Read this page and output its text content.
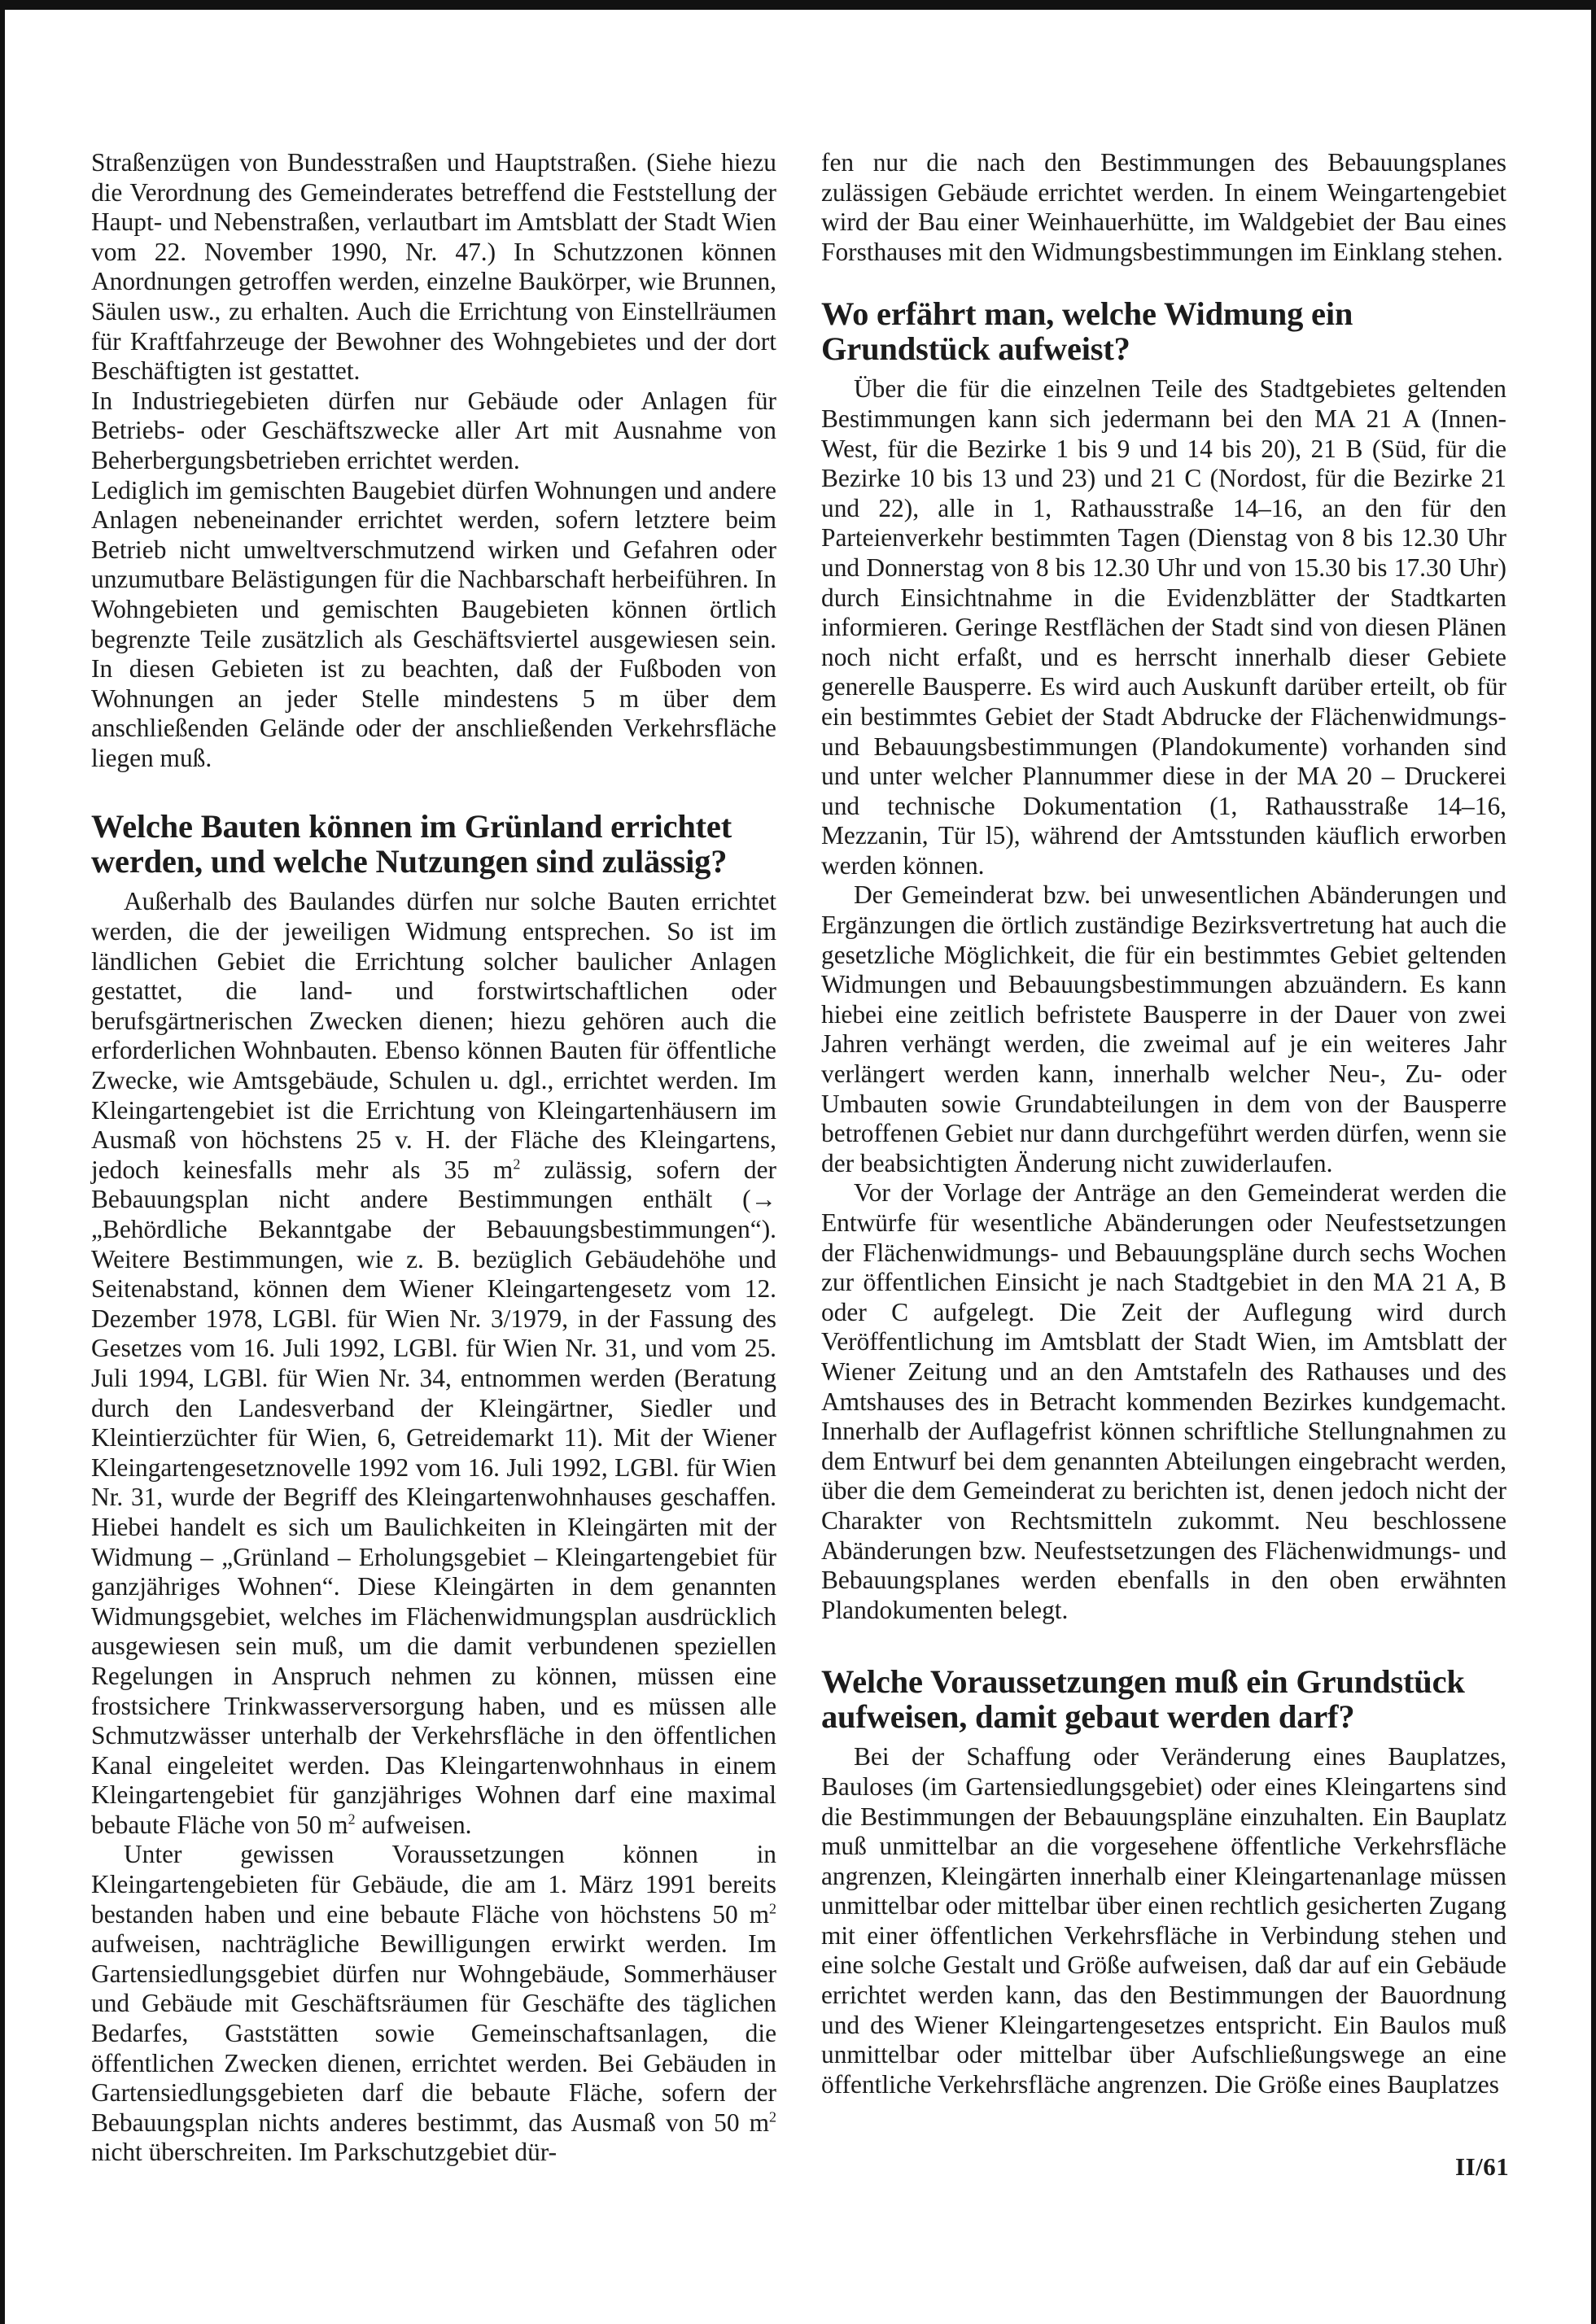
Straßenzügen von Bundesstraßen und Hauptstraßen. (Siehe hiezu die Verordnung des Gemeinderates betreffend die Feststellung der Haupt- und Nebenstraßen, verlautbart im Amtsblatt der Stadt Wien vom 22. November 1990, Nr. 47.) In Schutzzonen können Anordnungen getroffen werden, einzelne Baukörper, wie Brunnen, Säulen usw., zu erhalten. Auch die Errichtung von Einstellräumen für Kraftfahrzeuge der Bewohner des Wohngebietes und der dort Beschäftigten ist gestattet.

In Industriegebieten dürfen nur Gebäude oder Anlagen für Betriebs- oder Geschäftszwecke aller Art mit Ausnahme von Beherbergungsbetrieben errichtet werden.

Lediglich im gemischten Baugebiet dürfen Wohnungen und andere Anlagen nebeneinander errichtet werden, sofern letztere beim Betrieb nicht umweltverschmutzend wirken und Gefahren oder unzumutbare Belästigungen für die Nachbarschaft herbeiführen. In Wohngebieten und gemischten Baugebieten können örtlich begrenzte Teile zusätzlich als Geschäftsviertel ausgewiesen sein. In diesen Gebieten ist zu beachten, daß der Fußboden von Wohnungen an jeder Stelle mindestens 5 m über dem anschließenden Gelände oder der anschließenden Verkehrsfläche liegen muß.

Welche Bauten können im Grünland errichtet werden, und welche Nutzungen sind zulässig?

Außerhalb des Baulandes dürfen nur solche Bauten errichtet werden, die der jeweiligen Widmung entsprechen. So ist im ländlichen Gebiet die Errichtung solcher baulicher Anlagen gestattet, die land- und forstwirtschaftlichen oder berufsgärtnerischen Zwecken dienen; hiezu gehören auch die erforderlichen Wohnbauten. Ebenso können Bauten für öffentliche Zwecke, wie Amtsgebäude, Schulen u. dgl., errichtet werden. Im Kleingartengebiet ist die Errichtung von Kleingartenhäusern im Ausmaß von höchstens 25 v. H. der Fläche des Kleingartens, jedoch keinesfalls mehr als 35 $m^2$ zulässig, sofern der Bebauungsplan nicht andere Bestimmungen enthält (→ „Behördliche Bekanntgabe der Bebauungsbestimmungen“). Weitere Bestimmungen, wie z. B. bezüglich Gebäudehöhe und Seitenabstand, können dem Wiener Kleingartengesetz vom 12. Dezember 1978, LGBl. für Wien Nr. 3/1979, in der Fassung des Gesetzes vom 16. Juli 1992, LGBl. für Wien Nr. 31, und vom 25. Juli 1994, LGBl. für Wien Nr. 34, entnommen werden (Beratung durch den Landesverband der Kleingärtner, Siedler und Kleintierzüchter für Wien, 6, Getreidemarkt 11). Mit der Wiener Kleingartengesetznovelle 1992 vom 16. Juli 1992, LGBl. für Wien Nr. 31, wurde der Begriff des Kleingartenwohnhauses geschaffen. Hiebei handelt es sich um Baulichkeiten in Kleingärten mit der Widmung – „Grünland – Erholungsgebiet – Kleingartengebiet für ganzjähriges Wohnen“. Diese Kleingärten in dem genannten Widmungsgebiet, welches im Flächenwidmungsplan ausdrücklich ausgewiesen sein muß, um die damit verbundenen speziellen Regelungen in Anspruch nehmen zu können, müssen eine frostsichere Trinkwasserversorgung haben, und es müssen alle Schmutzwässer unterhalb der Verkehrsfläche in den öffentlichen Kanal eingeleitet werden. Das Kleingartenwohnhaus in einem Kleingartengebiet für ganzjähriges Wohnen darf eine maximal bebaute Fläche von 50 $m^2$ aufweisen.

Unter gewissen Voraussetzungen können in Kleingartengebieten für Gebäude, die am 1. März 1991 bereits bestanden haben und eine bebaute Fläche von höchstens 50 $m^2$ aufweisen, nachträgliche Bewilligungen erwirkt werden. Im Gartensiedlungsgebiet dürfen nur Wohngebäude, Sommerhäuser und Gebäude mit Geschäftsräumen für Geschäfte des täglichen Bedarfes, Gaststätten sowie Gemeinschaftsanlagen, die öffentlichen Zwecken dienen, errichtet werden. Bei Gebäuden in Gartensiedlungsgebieten darf die bebaute Fläche, sofern der Bebauungsplan nichts anderes bestimmt, das Ausmaß von 50 $m^2$ nicht überschreiten. Im Parkschutzgebiet dür-

fen nur die nach den Bestimmungen des Bebauungsplanes zulässigen Gebäude errichtet werden. In einem Weingartengebiet wird der Bau einer Weinhauerhütte, im Waldgebiet der Bau eines Forsthauses mit den Widmungsbestimmungen im Einklang stehen.

Wo erfährt man, welche Widmung ein Grundstück aufweist?

Über die für die einzelnen Teile des Stadtgebietes geltenden Bestimmungen kann sich jedermann bei den MA 21 A (Innen-West, für die Bezirke 1 bis 9 und 14 bis 20), 21 B (Süd, für die Bezirke 10 bis 13 und 23) und 21 C (Nordost, für die Bezirke 21 und 22), alle in 1, Rathausstraße 14–16, an den für den Parteienverkehr bestimmten Tagen (Dienstag von 8 bis 12.30 Uhr und Donnerstag von 8 bis 12.30 Uhr und von 15.30 bis 17.30 Uhr) durch Einsichtnahme in die Evidenzblätter der Stadtkarten informieren. Geringe Restflächen der Stadt sind von diesen Plänen noch nicht erfaßt, und es herrscht innerhalb dieser Gebiete generelle Bausperre. Es wird auch Auskunft darüber erteilt, ob für ein bestimmtes Gebiet der Stadt Abdrucke der Flächenwidmungs- und Bebauungsbestimmungen (Plandokumente) vorhanden sind und unter welcher Plannummer diese in der MA 20 – Druckerei und technische Dokumentation (1, Rathausstraße 14–16, Mezzanin, Tür l5), während der Amtsstunden käuflich erworben werden können.

Der Gemeinderat bzw. bei unwesentlichen Abänderungen und Ergänzungen die örtlich zuständige Bezirksvertretung hat auch die gesetzliche Möglichkeit, die für ein bestimmtes Gebiet geltenden Widmungen und Bebauungsbestimmungen abzuändern. Es kann hiebei eine zeitlich befristete Bausperre in der Dauer von zwei Jahren verhängt werden, die zweimal auf je ein weiteres Jahr verlängert werden kann, innerhalb welcher Neu-, Zu- oder Umbauten sowie Grundabteilungen in dem von der Bausperre betroffenen Gebiet nur dann durchgeführt werden dürfen, wenn sie der beabsichtigten Änderung nicht zuwiderlaufen.

Vor der Vorlage der Anträge an den Gemeinderat werden die Entwürfe für wesentliche Abänderungen oder Neufestsetzungen der Flächenwidmungs- und Bebauungspläne durch sechs Wochen zur öffentlichen Einsicht je nach Stadtgebiet in den MA 21 A, B oder C aufgelegt. Die Zeit der Auflegung wird durch Veröffentlichung im Amtsblatt der Stadt Wien, im Amtsblatt der Wiener Zeitung und an den Amtstafeln des Rathauses und des Amtshauses des in Betracht kommenden Bezirkes kundgemacht. Innerhalb der Auflagefrist können schriftliche Stellungnahmen zu dem Entwurf bei dem genannten Abteilungen eingebracht werden, über die dem Gemeinderat zu berichten ist, denen jedoch nicht der Charakter von Rechtsmitteln zukommt. Neu beschlossene Abänderungen bzw. Neufestsetzungen des Flächenwidmungs- und Bebauungsplanes werden ebenfalls in den oben erwähnten Plandokumenten belegt.

Welche Voraussetzungen muß ein Grundstück aufweisen, damit gebaut werden darf?

Bei der Schaffung oder Veränderung eines Bauplatzes, Bauloses (im Gartensiedlungsgebiet) oder eines Kleingartens sind die Bestimmungen der Bebauungspläne einzuhalten. Ein Bauplatz muß unmittelbar an die vorgesehene öffentliche Verkehrsfläche angrenzen, Kleingärten innerhalb einer Kleingartenanlage müssen unmittelbar oder mittelbar über einen rechtlich gesicherten Zugang mit einer öffentlichen Verkehrsfläche in Verbindung stehen und eine solche Gestalt und Größe aufweisen, daß dar auf ein Gebäude errichtet werden kann, das den Bestimmungen der Bauordnung und des Wiener Kleingartengesetzes entspricht. Ein Baulos muß unmittelbar oder mittelbar über Aufschließungswege an eine öffentliche Verkehrsfläche angrenzen. Die Größe eines Bauplatzes

II/61
